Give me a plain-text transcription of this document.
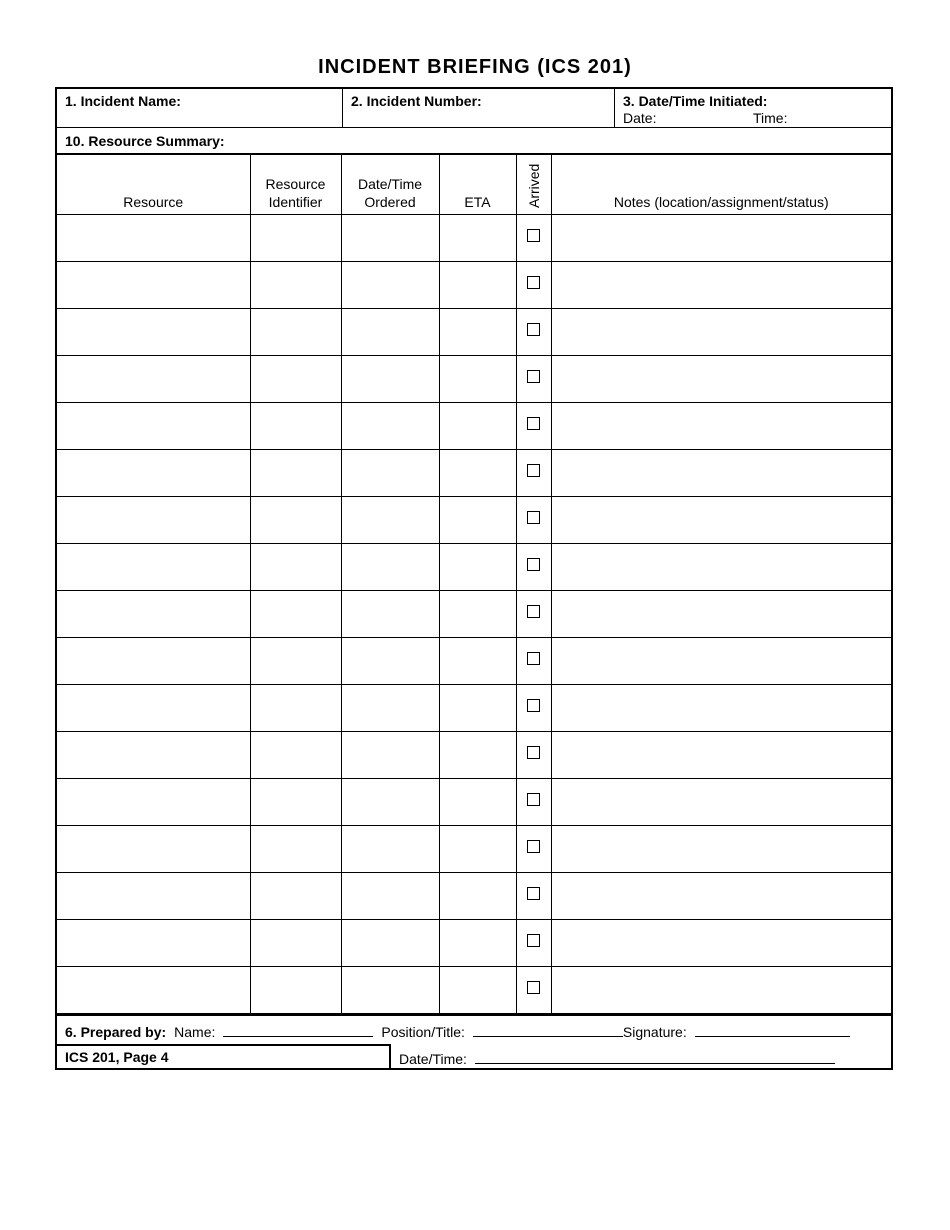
INCIDENT BRIEFING (ICS 201)
1. Incident Name:	2. Incident Number:	3. Date/Time Initiated:
Date:	Time:
10. Resource Summary:
Resource	Resource Identifier	Date/Time Ordered	ETA	Arrived	Notes (location/assignment/status)

6. Prepared by: Name:	Position/Title:	Signature:
ICS 201, Page 4	Date/Time:
